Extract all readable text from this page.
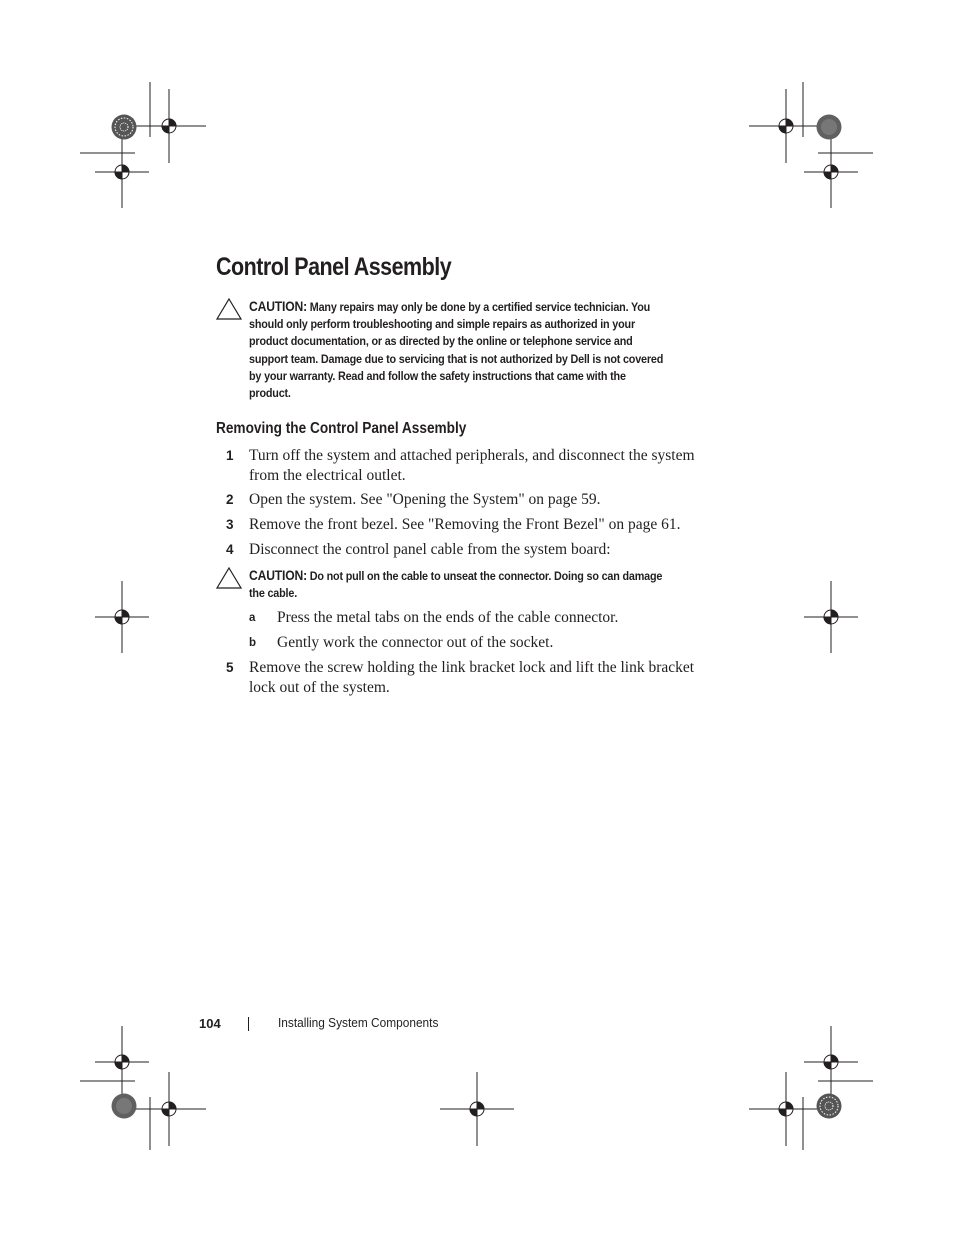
Control Panel Assembly
CAUTION: Many repairs may only be done by a certified service technician. You
should only perform troubleshooting and simple repairs as authorized in your
product documentation, or as directed by the online or telephone service and
support team. Damage due to servicing that is not authorized by Dell is not covered
by your warranty. Read and follow the safety instructions that came with the
product.
Removing the Control Panel Assembly
1 Turn off the system and attached peripherals, and disconnect the system
from the electrical outlet.
2 Open the system. See "Opening the System" on page 59.
3 Remove the front bezel. See "Removing the Front Bezel" on page 61.
4 Disconnect the control panel cable from the system board:
CAUTION: Do not pull on the cable to unseat the connector. Doing so can damage
the cable.
a Press the metal tabs on the ends of the cable connector.
b Gently work the connector out of the socket.
5 Remove the screw holding the link bracket lock and lift the link bracket
lock out of the system.
104	Installing System Components
